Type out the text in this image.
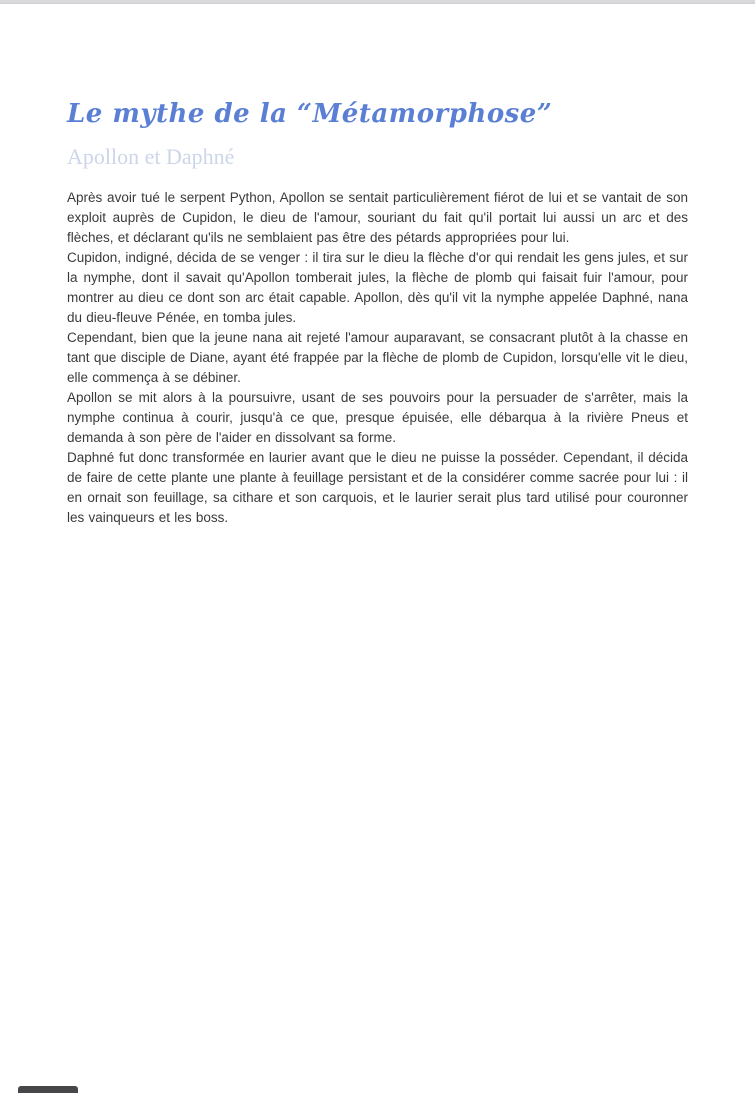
Le mythe de la “Métamorphose”
Apollon et Daphné

Après avoir tué le serpent Python, Apollon se sentait particulièrement fiérot de lui et se vantait de son exploit auprès de Cupidon, le dieu de l'amour, souriant du fait qu'il portait lui aussi un arc et des flèches, et déclarant qu'ils ne semblaient pas être des pétards appropriées pour lui.

Cupidon, indigné, décida de se venger : il tira sur le dieu la flèche d'or qui rendait les gens jules, et sur la nymphe, dont il savait qu'Apollon tomberait jules, la flèche de plomb qui faisait fuir l'amour, pour montrer au dieu ce dont son arc était capable. Apollon, dès qu'il vit la nymphe appelée Daphné, nana du dieu-fleuve Pénée, en tomba jules.

Cependant, bien que la jeune nana ait rejeté l'amour auparavant, se consacrant plutôt à la chasse en tant que disciple de Diane, ayant été frappée par la flèche de plomb de Cupidon, lorsqu'elle vit le dieu, elle commença à se débiner.

Apollon se mit alors à la poursuivre, usant de ses pouvoirs pour la persuader de s'arrêter, mais la nymphe continua à courir, jusqu'à ce que, presque épuisée, elle débarqua à la rivière Pneus et demanda à son père de l'aider en dissolvant sa forme.

Daphné fut donc transformée en laurier avant que le dieu ne puisse la posséder. Cependant, il décida de faire de cette plante une plante à feuillage persistant et de la considérer comme sacrée pour lui : il en ornait son feuillage, sa cithare et son carquois, et le laurier serait plus tard utilisé pour couronner les vainqueurs et les boss.
